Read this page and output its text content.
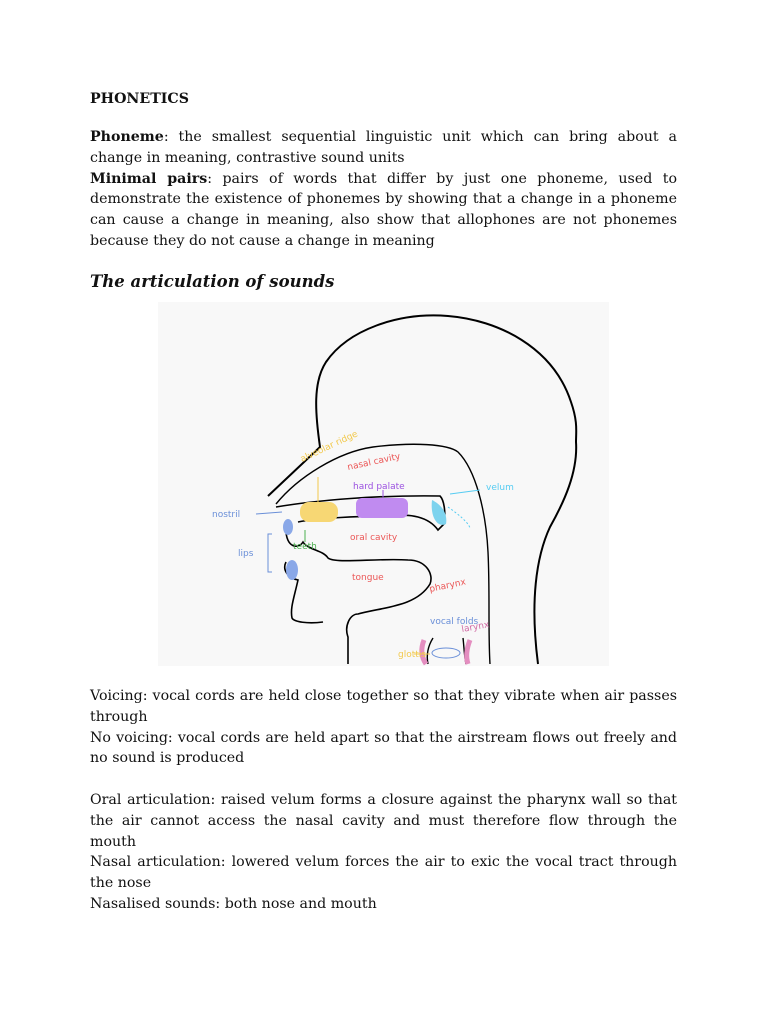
PHONETICS

Phoneme: the smallest sequential linguistic unit which can bring about a change in meaning, contrastive sound units

Minimal pairs: pairs of words that differ by just one phoneme, used to demonstrate the existence of phonemes by showing that a change in a phoneme can cause a change in meaning, also show that allophones are not phonemes because they do not cause a change in meaning

The articulation of sounds

alveolar ridge
nasal cavity
hard palate	velum
nostril
teeth
oral cavity
lips
tongue	pharynx
vocal folds
larynx
glottis

Voicing: vocal cords are held close together so that they vibrate when air passes through

No voicing: vocal cords are held apart so that the airstream flows out freely and no sound is produced

Oral articulation: raised velum forms a closure against the pharynx wall so that the air cannot access the nasal cavity and must therefore flow through the mouth

Nasal articulation: lowered velum forces the air to exic the vocal tract through the nose

Nasalised sounds: both nose and mouth
